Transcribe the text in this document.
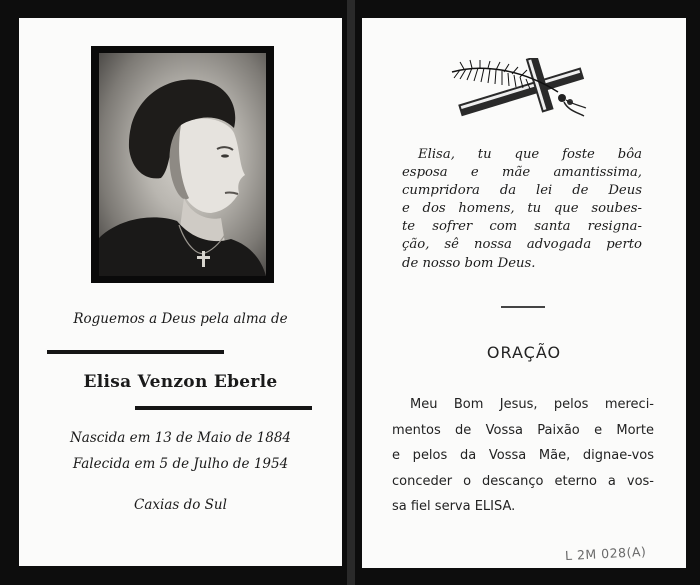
Roguemos a Deus pela alma de
Elisa Venzon Eberle
Nascida em 13 de Maio de 1884
Falecida em 5 de Julho de 1954
Caxias do Sul
Elisa, tu que foste bôa
esposa e mãe amantissima,
cumpridora da lei de Deus
e dos homens, tu que soubes-
te sofrer com santa resigna-
ção, sê nossa advogada perto
de nosso bom Deus.
ORAÇÃO
Meu Bom Jesus, pelos mereci-
mentos de Vossa Paixão e Morte
e pelos da Vossa Mãe, dignae-vos
conceder o descanço eterno a vos-
sa fiel serva ELISA.
L 2M 028(A)
